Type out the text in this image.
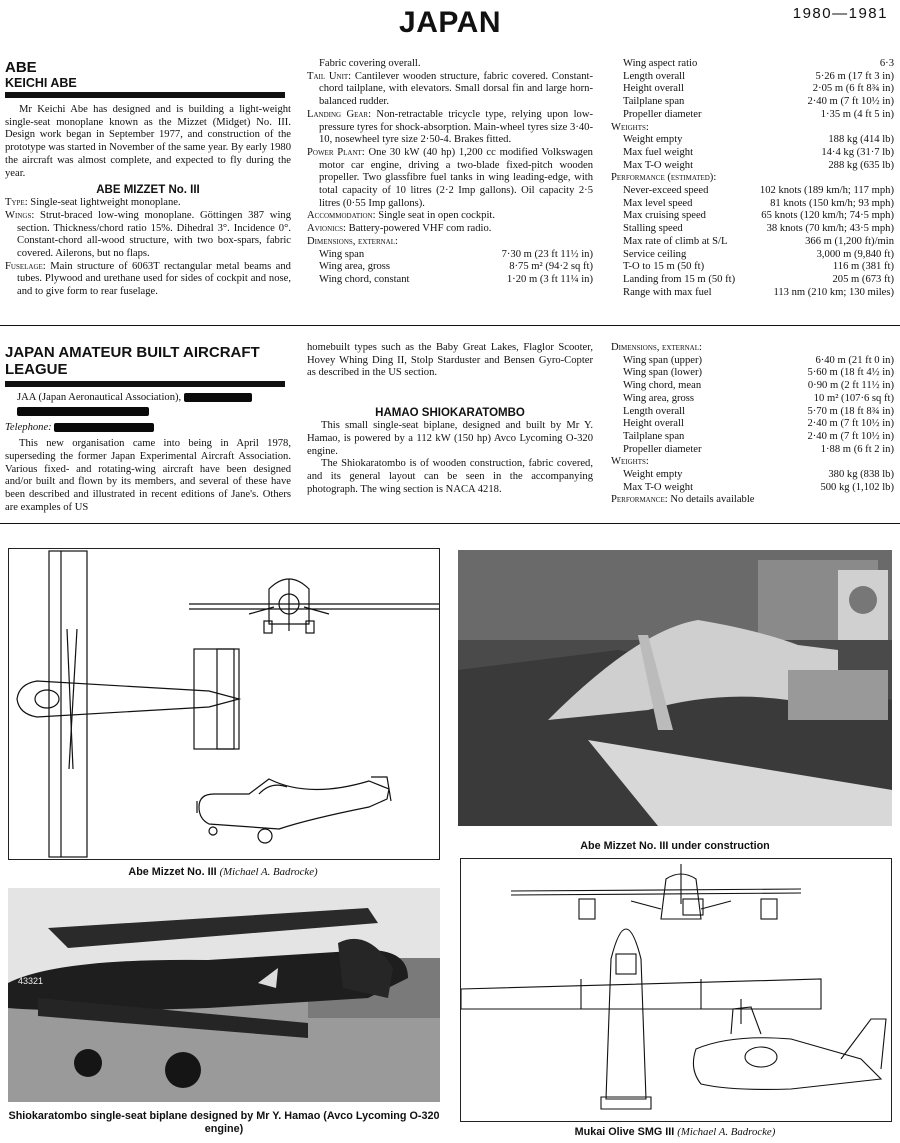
JAPAN	1980—1981
ABE
KEICHI ABE

Mr Keichi Abe has designed and is building a light-weight single-seat monoplane known as the Mizzet (Midget) No. III. Design work began in September 1977, and construction of the prototype was started in November of the same year. By early 1980 the aircraft was almost complete, and expected to fly during the year.

ABE MIZZET No. III

Type: Single-seat lightweight monoplane.

Wings: Strut-braced low-wing monoplane. Göttingen 387 wing section. Thickness/chord ratio 15%. Dihedral 3°. Incidence 0°. Constant-chord all-wood structure, with two box-spars, fabric covered. Ailerons, but no flaps.

Fuselage: Main structure of 6063T rectangular metal beams and tubes. Plywood and urethane used for sides of cockpit and nose, and to give form to rear fuselage.

Fabric covering overall.

Tail Unit: Cantilever wooden structure, fabric covered. Constant-chord tailplane, with elevators. Small dorsal fin and large horn-balanced rudder.

Landing Gear: Non-retractable tricycle type, relying upon low-pressure tyres for shock-absorption. Main-wheel tyres size 3·40-10, nosewheel tyre size 2·50-4. Brakes fitted.

Power Plant: One 30 kW (40 hp) 1,200 cc modified Volkswagen motor car engine, driving a two-blade fixed-pitch wooden propeller. Two glassfibre fuel tanks in wing leading-edge, with total capacity of 10 litres (2·2 Imp gallons). Oil capacity 2·5 litres (0·55 Imp gallons).

Accommodation: Single seat in open cockpit.

Avionics: Battery-powered VHF com radio.

Dimensions, external:

Wing span	7·30 m (23 ft 11½ in)
Wing area, gross	8·75 m² (94·2 sq ft)
Wing chord, constant	1·20 m (3 ft 11¼ in)
Wing aspect ratio	6·3
Length overall	5·26 m (17 ft 3 in)
Height overall	2·05 m (6 ft 8¾ in)
Tailplane span	2·40 m (7 ft 10½ in)
Propeller diameter	1·35 m (4 ft 5 in)

Weights:

Weight empty	188 kg (414 lb)
Max fuel weight	14·4 kg (31·7 lb)
Max T-O weight	288 kg (635 lb)

Performance (estimated):

Never-exceed speed	102 knots (189 km/h; 117 mph)
Max level speed	81 knots (150 km/h; 93 mph)
Max cruising speed	65 knots (120 km/h; 74·5 mph)
Stalling speed	38 knots (70 km/h; 43·5 mph)
Max rate of climb at S/L	366 m (1,200 ft)/min
Service ceiling	3,000 m (9,840 ft)
T-O to 15 m (50 ft)	116 m (381 ft)
Landing from 15 m (50 ft)	205 m (673 ft)
Range with max fuel	113 nm (210 km; 130 miles)
JAPAN AMATEUR BUILT AIRCRAFT LEAGUE

JAA (Japan Aeronautical Association),

Telephone:

This new organisation came into being in April 1978, superseding the former Japan Experimental Aircraft Association. Various fixed- and rotating-wing aircraft have been designed and/or built and flown by its members, and several of these have been described and illustrated in recent editions of Jane's. Others are examples of US

homebuilt types such as the Baby Great Lakes, Flaglor Scooter, Hovey Whing Ding II, Stolp Starduster and Bensen Gyro-Copter as described in the US section.

HAMAO SHIOKARATOMBO

This small single-seat biplane, designed and built by Mr Y. Hamao, is powered by a 112 kW (150 hp) Avco Lycoming O-320 engine.

The Shiokaratombo is of wooden construction, fabric covered, and its general layout can be seen in the accompanying photograph. The wing section is NACA 4218.

Dimensions, external:

Wing span (upper)	6·40 m (21 ft 0 in)
Wing span (lower)	5·60 m (18 ft 4½ in)
Wing chord, mean	0·90 m (2 ft 11½ in)
Wing area, gross	10 m² (107·6 sq ft)
Length overall	5·70 m (18 ft 8¾ in)
Height overall	2·40 m (7 ft 10½ in)
Tailplane span	2·40 m (7 ft 10½ in)
Propeller diameter	1·88 m (6 ft 2 in)

Weights:

Weight empty	380 kg (838 lb)
Max T-O weight	500 kg (1,102 lb)

Performance: No details available

Abe Mizzet No. III (Michael A. Badrocke)
Abe Mizzet No. III under construction
43321
Shiokaratombo single-seat biplane designed by Mr Y. Hamao (Avco Lycoming O-320 engine)	Mukai Olive SMG III (Michael A. Badrocke)
